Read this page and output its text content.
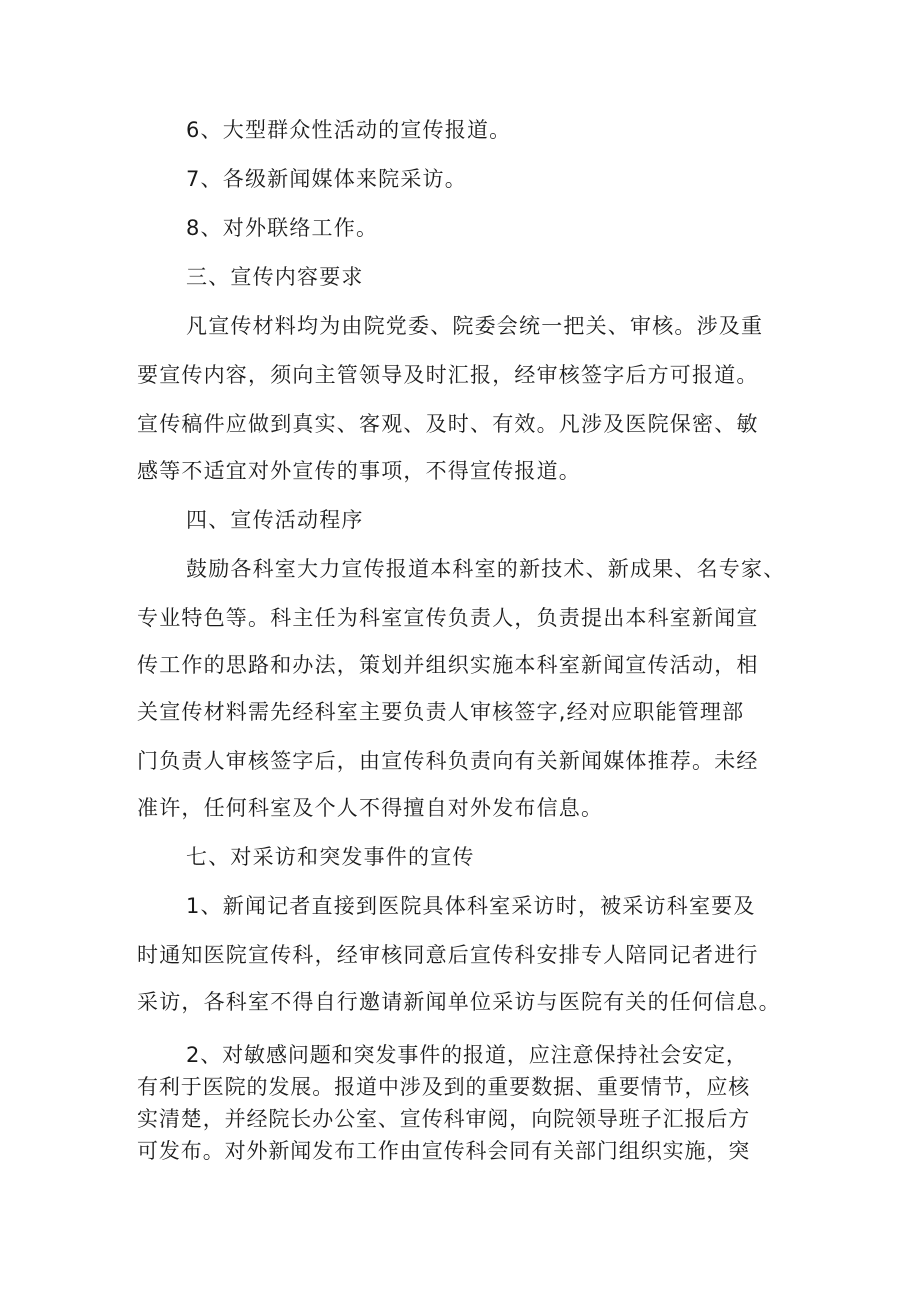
6、大型群众性活动的宣传报道。
7、各级新闻媒体来院采访。
8、对外联络工作。
三、宣传内容要求
凡宣传材料均为由院党委、院委会统一把关、审核。涉及重
要宣传内容，须向主管领导及时汇报，经审核签字后方可报道。
宣传稿件应做到真实、客观、及时、有效。凡涉及医院保密、敏
感等不适宜对外宣传的事项，不得宣传报道。
四、宣传活动程序
鼓励各科室大力宣传报道本科室的新技术、新成果、名专家、
专业特色等。科主任为科室宣传负责人，负责提出本科室新闻宣
传工作的思路和办法，策划并组织实施本科室新闻宣传活动，相
关宣传材料需先经科室主要负责人审核签字,经对应职能管理部
门负责人审核签字后，由宣传科负责向有关新闻媒体推荐。未经
准许，任何科室及个人不得擅自对外发布信息。
七、对采访和突发事件的宣传
1、新闻记者直接到医院具体科室采访时，被采访科室要及
时通知医院宣传科，经审核同意后宣传科安排专人陪同记者进行
采访，各科室不得自行邀请新闻单位采访与医院有关的任何信息。
2、对敏感问题和突发事件的报道，应注意保持社会安定，
有利于医院的发展。报道中涉及到的重要数据、重要情节，应核
实清楚，并经院长办公室、宣传科审阅，向院领导班子汇报后方
可发布。对外新闻发布工作由宣传科会同有关部门组织实施，突
